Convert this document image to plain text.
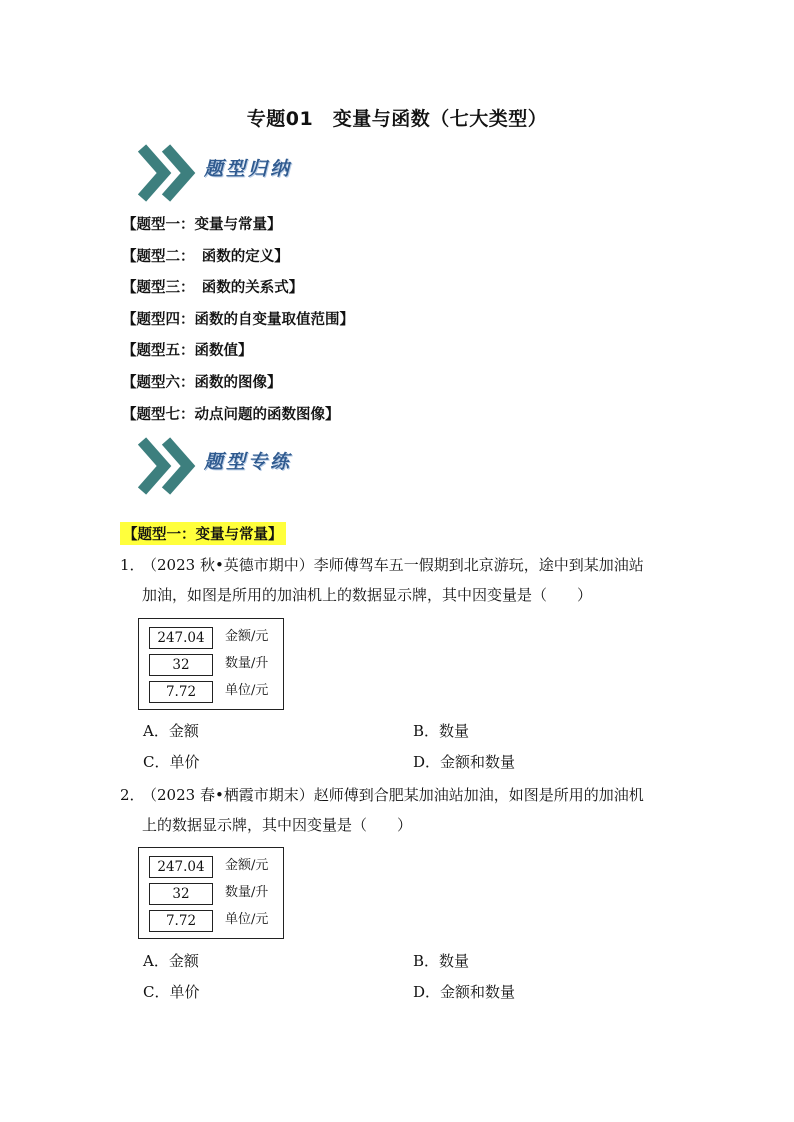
专题01　变量与函数（七大类型）
题型归纳
【题型一：变量与常量】
【题型二：　函数的定义】
【题型三：　函数的关系式】
【题型四：函数的自变量取值范围】
【题型五：函数值】
【题型六：函数的图像】
【题型七：动点问题的函数图像】
题型专练
【题型一：变量与常量】
1．（2023 秋•英德市期中）李师傅驾车五一假期到北京游玩，途中到某加油站
加油，如图是所用的加油机上的数据显示牌，其中因变量是（　　）
247.04	金额/元
32	数量/升
7.72	单位/元
A．金额	B．数量
C．单价	D．金额和数量
2．（2023 春•栖霞市期末）赵师傅到合肥某加油站加油，如图是所用的加油机
上的数据显示牌，其中因变量是（　　）
247.04	金额/元
32	数量/升
7.72	单位/元
A．金额	B．数量
C．单价	D．金额和数量
